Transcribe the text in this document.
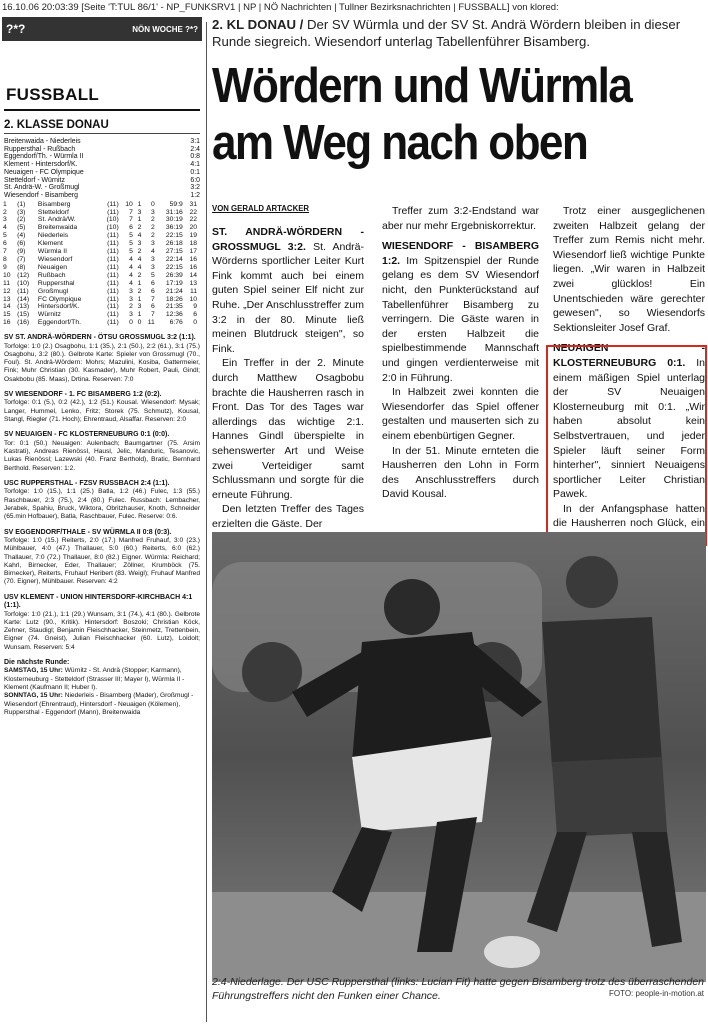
16.10.06 20:03:39 [Seite 'T:TUL 86/1' - NP_FUNKSRV1 | NP | NÖ Nachrichten | Tullner Bezirksnachrichten | FUSSBALL] von klored:
?*?	NÖN WOCHE ?*?
FUSSBALL
2. KLASSE DONAU
Breitenwaida - Niederleis	3:1
Ruppersthal - Rußbach	2:4
Eggendorf/Th. - Würmla II	0:8
Klement - Hintersdorf/K.	4:1
Neuaigen - FC Olympique	0:1
Stetteldorf - Würnitz	6:0
St. Andrä-W. - Großmugl	3:2
Wiesendorf - Bisamberg	1:2
1	(1)	Bisamberg	(11)	10	1	0	59:9	31
2	(3)	Stetteldorf	(11)	7	3	3	31:16	22
3	(2)	St. Andrä/W.	(10)	7	1	2	30:19	22
4	(5)	Breitenwaida	(10)	6	2	2	36:19	20
5	(4)	Niederleis	(11)	5	4	2	22:15	19
6	(6)	Klement	(11)	5	3	3	26:18	18
7	(9)	Würmla II	(11)	5	2	4	27:15	17
8	(7)	Wiesendorf	(11)	4	4	3	22:14	16
9	(8)	Neuaigen	(11)	4	4	3	22:15	16
10	(12)	Rußbach	(11)	4	2	5	26:39	14
11	(10)	Ruppersthal	(11)	4	1	6	17:19	13
12	(11)	Großmugl	(11)	3	2	6	21:24	11
13	(14)	FC Olympique	(11)	3	1	7	18:26	10
14	(13)	Hintersdorf/K.	(11)	2	3	6	21:35	9
15	(15)	Würnitz	(11)	3	1	7	12:36	6
16	(16)	Eggendorf/Th.	(11)	0	0	11	6:76	0
SV ST. ANDRÄ-WÖRDERN - ÖTSU GROSSMUGL 3:2 (1:1).
Torfolge: 1:0 (2.) Osagbohu, 1:1 (35.), 2:1 (50.), 2:2 (61.), 3:1 (75.) Osagbohu, 3:2 (80.). Gelbrote Karte: Spieler von Grossmugl (70., Foul). St. Andrä-Wördern: Mohrs; Mazulini, Kosiba, Gattermeier, Fink; Muhr Christian (30. Kasmader), Muhr Robert, Pauli, Gindl; Osakbobu (85. Maas), Drtina. Reserven: 7:0
SV WIESENDORF - 1. FC BISAMBERG 1:2 (0:2).
Torfolge: 0:1 (5.), 0:2 (42.), 1:2 (51.) Kousal. Wiesendorf: Mysak; Langer, Hummel, Lenko, Fritz; Storek (75. Schmutz), Kousal, Stangl, Riegler (71. Hoch); Ehrentraud, Alsaffar. Reserven: 2:0
SV NEUAIGEN - FC KLOSTERNEUBURG 0:1 (0:0).
Tor: 0:1 (50.) Neuaigen: Aulenbach; Baumgartner (75. Arsim Kastrati), Andreas Rienössl, Hausl, Jelic, Manduric, Tesanovic, Lukas Rienössl; Lazewski (40. Franz Berthold), Bratic, Bernhard Berthold. Reserven: 1:2.
USC RUPPERSTHAL - FZSV RUSSBACH 2:4 (1:1).
Torfolge: 1:0 (15.), 1:1 (25.) Batla, 1:2 (46.) Fulec, 1:3 (55.) Raschbauer, 2:3 (75.), 2:4 (80.) Fulec. Russbach: Lembacher, Jerabek, Spahiu, Bruck, Wiktora, Obritzhauser, Knoth, Schneider (65.min Hofbauer), Batla, Raschbauer, Fulec. Reserve: 0:6.
SV EGGENDORF/THALE - SV WÜRMLA II 0:8 (0:3).
Torfolge: 1:0 (15.) Reiterts, 2:0 (17.) Manfred Fruhauf, 3:0 (23.) Mühlbauer, 4:0 (47.) Thallauer, 5:0 (60.) Reiterts, 6:0 (62.) Thallauer, 7:0 (72.) Thallauer, 8:0 (82.) Eigner. Würmla: Reichard; Kahrl, Birnecker, Eder, Thallauer; Zöllner, Krumböck (75. Birnecker), Reiterts, Fruhauf Heribert (83. Weigl); Fruhauf Manfred (70. Eigner), Mühlbauer. Reserven: 4:2
USV KLEMENT - UNION HINTERSDORF-KIRCHBACH 4:1 (1:1).
Torfolge: 1:0 (21.), 1:1 (29.) Wunsam, 3:1 (74.), 4:1 (80.). Gelbrote Karte: Lutz (90., Kritik). Hintersdorf: Boszoki; Christian Köck, Zehner, Staudigl; Benjamin Fleischhacker, Steinmetz, Trettenbein, Eigner (74. Gneist), Julian Fleischhacker (60. Lutz), Loidolt; Wunsam. Reserven: 5:4
Die nächste Runde:
SAMSTAG, 15 Uhr: Würnitz - St. Andrä (Stopper; Karmann), Klosterneuburg - Stetteldorf (Strasser III; Mayer I), Würmla II - Klement (Kaufmann II; Huber I).
SONNTAG, 15 Uhr: Niederleis - Bisamberg (Mader), Großmugl - Wiesendorf (Ehrentraud), Hintersdorf - Neuaigen (Kölemen), Ruppersthal - Eggendorf (Mann), Breitenwaida
2. KL DONAU / Der SV Würmla und der SV St. Andrä Wördern bleiben in dieser Runde siegreich. Wiesendorf unterlag Tabellenführer Bisamberg.
Wördern und Würmla
am Weg nach oben
VON GERALD ARTACKER

ST. ANDRÄ-WÖRDERN - GROSSMUGL 3:2. St. Andrä-Wörderns sportlicher Leiter Kurt Fink kommt auch bei einem guten Spiel seiner Elf nicht zur Ruhe. „Der Anschlusstreffer zum 3:2 in der 80. Minute ließ meinen Blutdruck steigen", so Fink.

Ein Treffer in der 2. Minute durch Matthew Osagbobu brachte die Hausherren rasch in Front. Das Tor des Tages war allerdings das wichtige 2:1. Hannes Gindl überspielte in sehenswerter Art und Weise zwei Verteidiger samt Schlussmann und sorgte für die erneute Führung.

Den letzten Treffer des Tages erzielten die Gäste. Der

Treffer zum 3:2-Endstand war aber nur mehr Ergebniskorrektur.

WIESENDORF - BISAMBERG 1:2. Im Spitzenspiel der Runde gelang es dem SV Wiesendorf nicht, den Punkterückstand auf Tabellenführer Bisamberg zu verringern. Die Gäste waren in der ersten Halbzeit die spielbestimmende Mannschaft und gingen verdienterweise mit 2:0 in Führung.

In Halbzeit zwei konnten die Wiesendorfer das Spiel offener gestalten und mauserten sich zu einem ebenbürtigen Gegner.

In der 51. Minute ernteten die Hausherren den Lohn in Form des Anschlusstreffers durch David Kousal.

Trotz einer ausgeglichenen zweiten Halbzeit gelang der Treffer zum Remis nicht mehr. Wiesendorf ließ wichtige Punkte liegen. „Wir waren in Halbzeit zwei glücklos! Ein Unentschieden wäre gerechter gewesen", so Wiesendorfs Sektionsleiter Josef Graf.

NEUAIGEN - KLOSTERNEUBURG 0:1. In einem mäßigen Spiel unterlag der SV Neuaigen Klosterneuburg mit 0:1. „Wir haben absolut kein Selbstvertrauen, und jeder Spieler läuft seiner Form hinterher", sinniert Neuaigens sportlicher Leiter Christian Pawek.

In der Anfangsphase hatten die Hausherren noch Glück, ein

2:4-Niederlage. Der USC Ruppersthal (links: Lucian Fit) hatte gegen Bisamberg trotz des überraschenden Führungstreffers nicht den Funken einer Chance.	FOTO: people-in-motion.at
